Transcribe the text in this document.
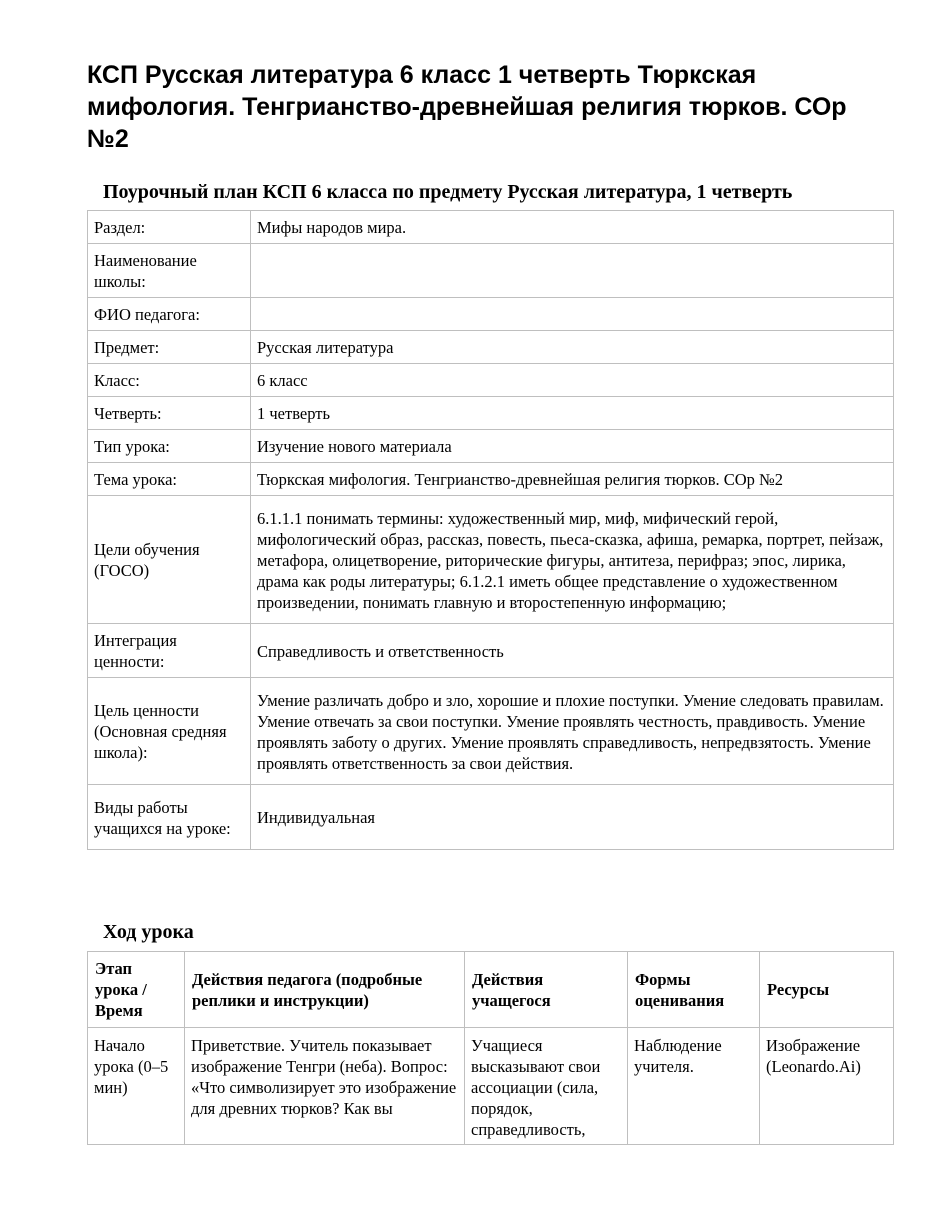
КСП Русская литература 6 класс 1 четверть Тюркская мифология. Тенгрианство-древнейшая религия тюрков. СОр №2
Поурочный план КСП 6 класса по предмету Русская литература, 1 четверть
Раздел:	Мифы народов мира.
Наименование школы:	
ФИО педагога:	
Предмет:	Русская литература
Класс:	6 класс
Четверть:	1 четверть
Тип урока:	Изучение нового материала
Тема урока:	Тюркская мифология. Тенгрианство-древнейшая религия тюрков. СОр №2
Цели обучения (ГОСО)	6.1.1.1 понимать термины: художественный мир, миф, мифический герой, мифологический образ, рассказ, повесть, пьеса-сказка, афиша, ремарка, портрет, пейзаж, метафора, олицетворение, риторические фигуры, антитеза, перифраз; эпос, лирика, драма как роды литературы; 6.1.2.1 иметь общее представление о художественном произведении, понимать главную и второстепенную информацию;
Интеграция ценности:	Справедливость и ответственность
Цель ценности (Основная средняя школа):	Умение различать добро и зло, хорошие и плохие поступки. Умение следовать правилам. Умение отвечать за свои поступки. Умение проявлять честность, правдивость. Умение проявлять заботу о других. Умение проявлять справедливость, непредвзятость. Умение проявлять ответственность за свои действия.
Виды работы учащихся на уроке:	Индивидуальная
Ход урока
Этап урока / Время	Действия педагога (подробные реплики и инструкции)	Действия учащегося	Формы оценивания	Ресурсы

Начало урока (0–5 мин)	Приветствие. Учитель показывает изображение Тенгри (неба). Вопрос: «Что символизирует это изображение для древних тюрков? Как вы	Учащиеся высказывают свои ассоциации (сила, порядок, справедливость,	Наблюдение учителя.	Изображение (Leonardo.Ai)
